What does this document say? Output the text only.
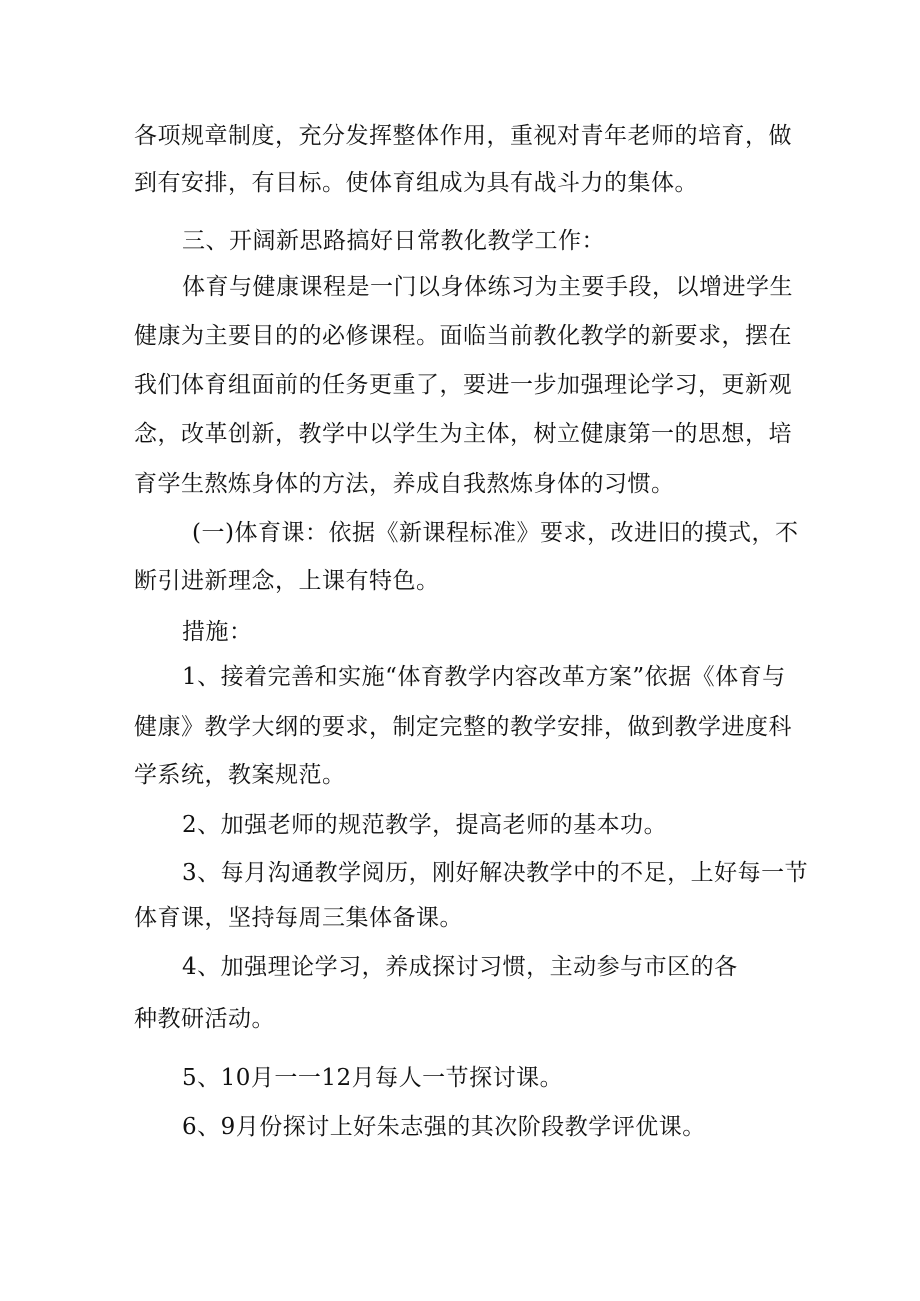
各项规章制度，充分发挥整体作用，重视对青年老师的培育，做
到有安排，有目标。使体育组成为具有战斗力的集体。
三、开阔新思路搞好日常教化教学工作：
体育与健康课程是一门以身体练习为主要手段，以增进学生
健康为主要目的的必修课程。面临当前教化教学的新要求，摆在
我们体育组面前的任务更重了，要进一步加强理论学习，更新观
念，改革创新，教学中以学生为主体，树立健康第一的思想，培
育学生熬炼身体的方法，养成自我熬炼身体的习惯。
(一)体育课：依据《新课程标准》要求，改进旧的摸式，不
断引进新理念，上课有特色。
措施：
1、接着完善和实施“体育教学内容改革方案”依据《体育与
健康》教学大纲的要求，制定完整的教学安排，做到教学进度科
学系统，教案规范。
2、加强老师的规范教学，提高老师的基本功。
3、每月沟通教学阅历，刚好解决教学中的不足，上好每一节
体育课，坚持每周三集体备课。
4、加强理论学习，养成探讨习惯，主动参与市区的各
种教研活动。
5、10月一一12月每人一节探讨课。
6、9月份探讨上好朱志强的其次阶段教学评优课。
